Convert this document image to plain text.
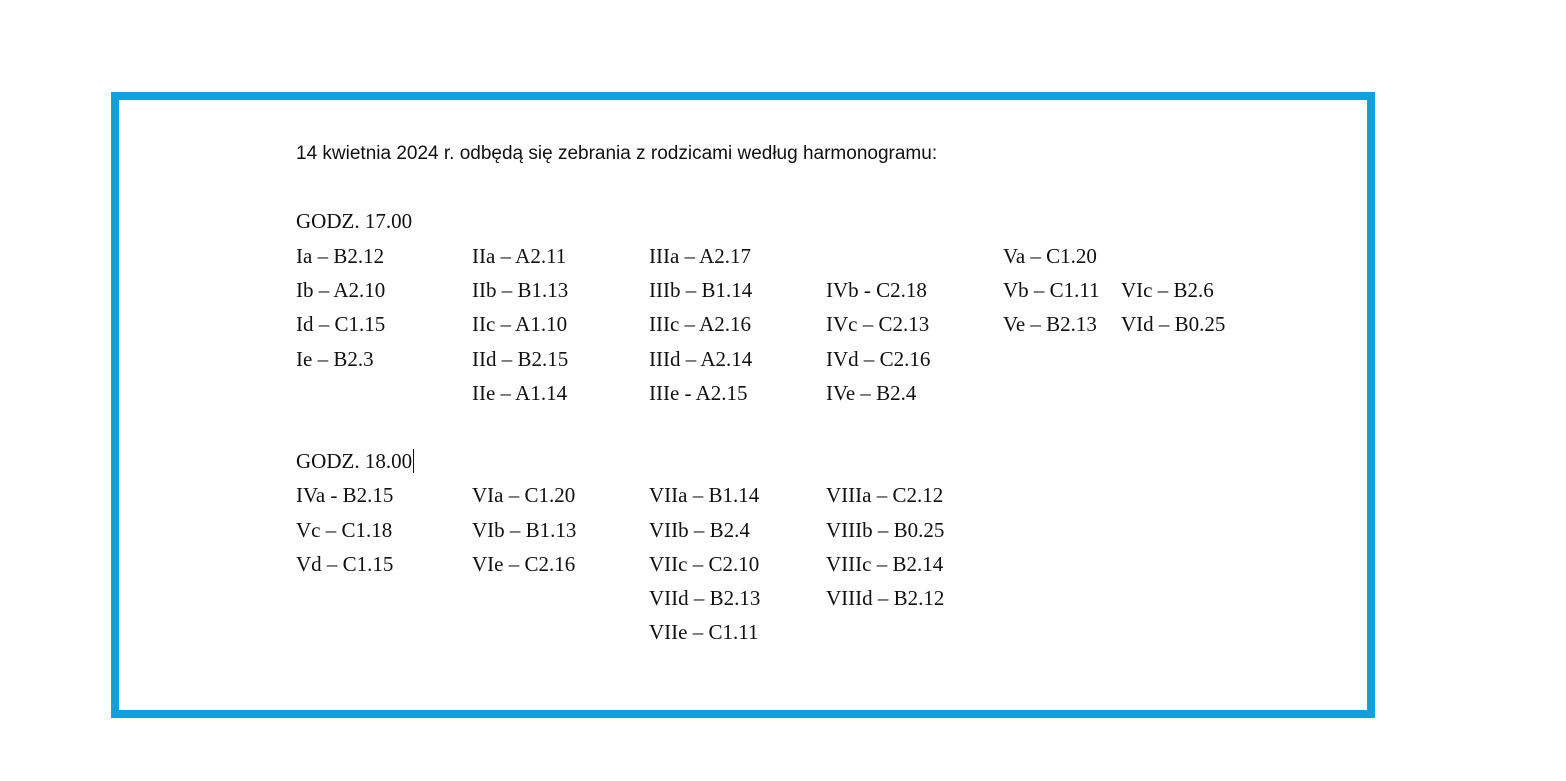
14 kwietnia 2024 r. odbędą się zebrania z rodzicami według harmonogramu:
GODZ. 17.00
Ia – B2.12
Ib – A2.10
Id – C1.15
Ie – B2.3
IIa – A2.11
IIb – B1.13
IIc – A1.10
IId – B2.15
IIe – A1.14
IIIa – A2.17
IIIb – B1.14
IIIc – A2.16
IIId – A2.14
IIIe - A2.15
IVb - C2.18
IVc – C2.13
IVd – C2.16
IVe – B2.4
Va – C1.20
Vb – C1.11
Ve – B2.13
VIc – B2.6
VId – B0.25
GODZ. 18.00
IVa - B2.15
Vc – C1.18
Vd – C1.15
VIa – C1.20
VIb – B1.13
VIe – C2.16
VIIa – B1.14
VIIb – B2.4
VIIc – C2.10
VIId – B2.13
VIIe – C1.11
VIIIa – C2.12
VIIIb – B0.25
VIIIc – B2.14
VIIId – B2.12
